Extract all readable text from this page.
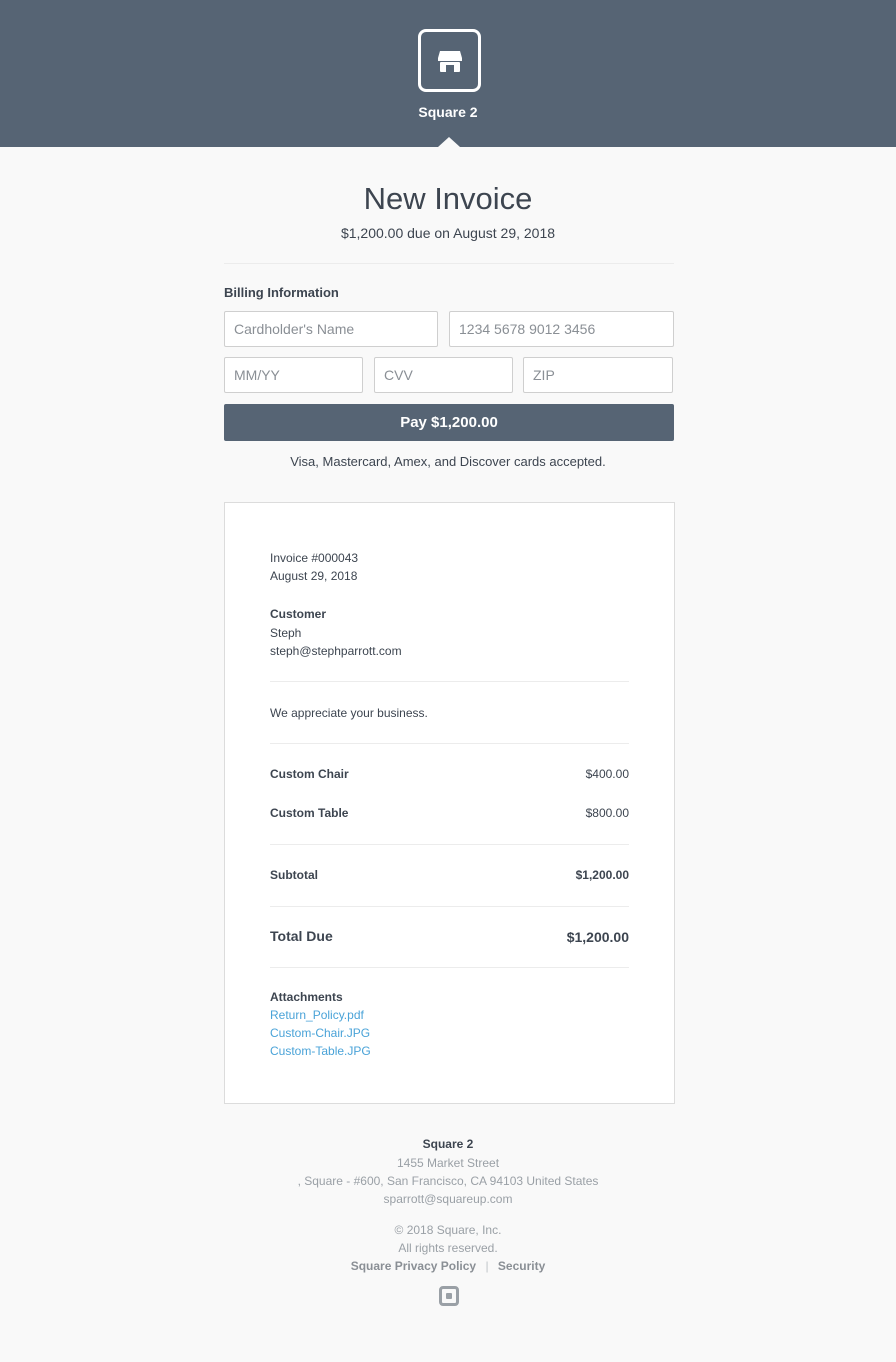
Square 2
New Invoice
$1,200.00 due on August 29, 2018
Billing Information
Cardholder's Name
1234 5678 9012 3456
MM/YY
CVV
ZIP
Pay $1,200.00
Visa, Mastercard, Amex, and Discover cards accepted.
Invoice #000043
August 29, 2018
Customer
Steph
steph@stephparrott.com
We appreciate your business.
Custom Chair	$400.00
Custom Table	$800.00
Subtotal	$1,200.00
Total Due	$1,200.00
Attachments
Return_Policy.pdf
Custom-Chair.JPG
Custom-Table.JPG
Square 2
1455 Market Street
, Square - #600, San Francisco, CA 94103 United States
sparrott@squareup.com
© 2018 Square, Inc.
All rights reserved.
Square Privacy Policy | Security
